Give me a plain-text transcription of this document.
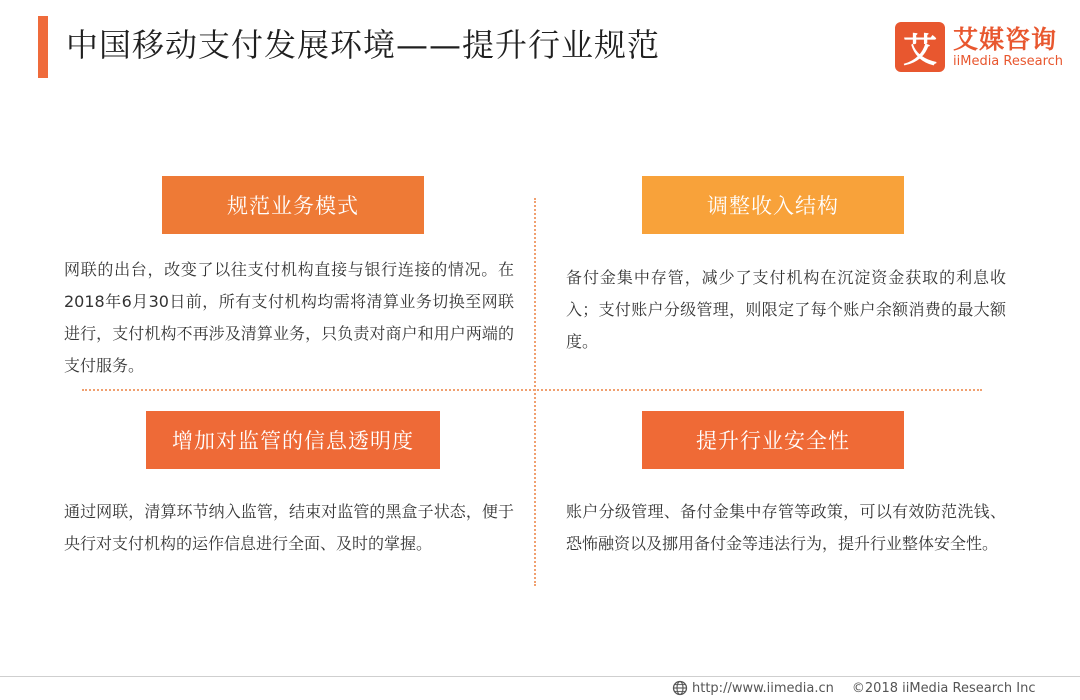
中国移动支付发展环境——提升行业规范	艾 艾媒咨询
iiMedia Research
规范业务模式

网联的出台，改变了以往支付机构直接与银行连接的情况。在2018年6月30日前，所有支付机构均需将清算业务切换至网联进行，支付机构不再涉及清算业务，只负责对商户和用户两端的支付服务。

调整收入结构

备付金集中存管，减少了支付机构在沉淀资金获取的利息收入；支付账户分级管理，则限定了每个账户余额消费的最大额度。

增加对监管的信息透明度

通过网联，清算环节纳入监管，结束对监管的黑盒子状态，便于央行对支付机构的运作信息进行全面、及时的掌握。

提升行业安全性

账户分级管理、备付金集中存管等政策，可以有效防范洗钱、恐怖融资以及挪用备付金等违法行为，提升行业整体安全性。

http://www.iimedia.cn ©2018 iiMedia Research Inc
